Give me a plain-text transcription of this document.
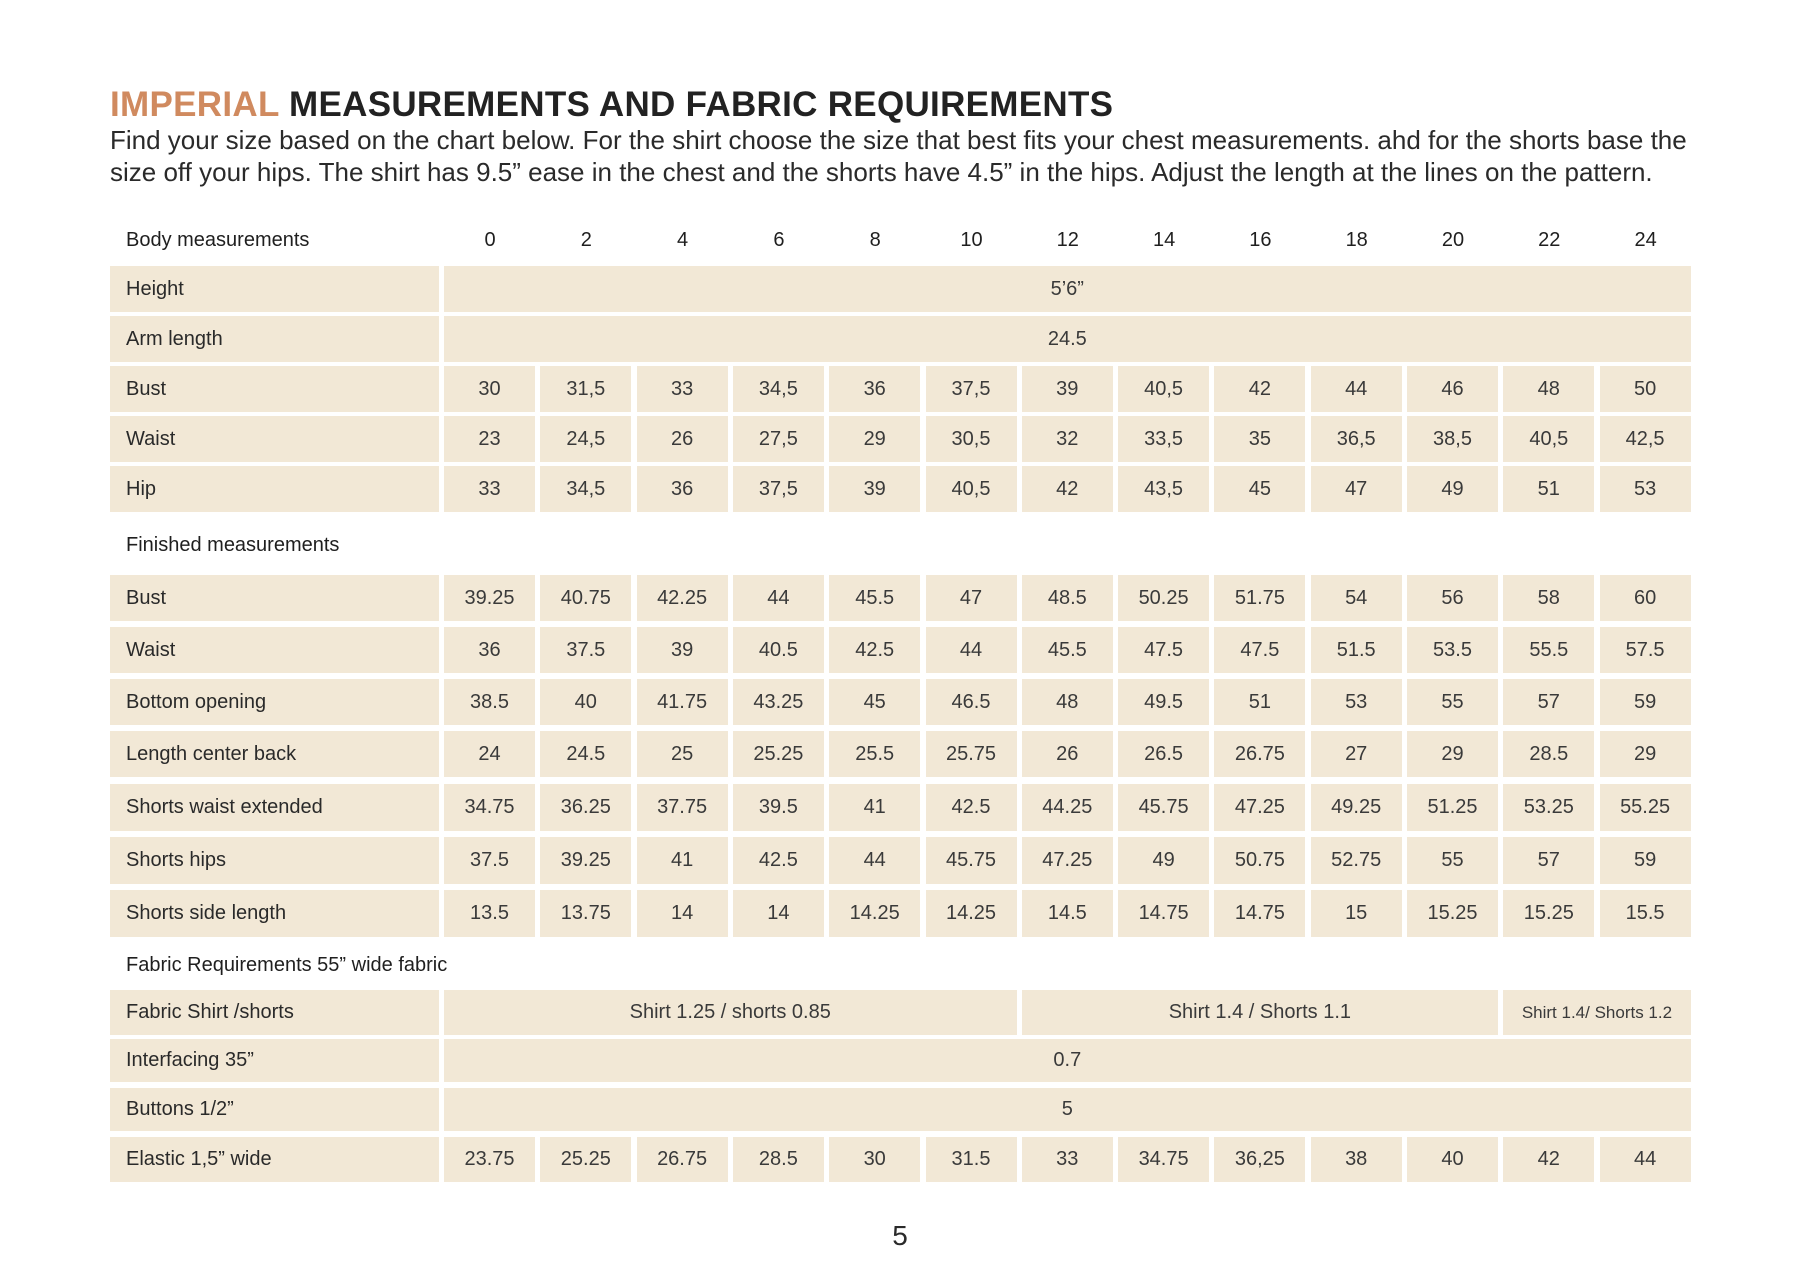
IMPERIAL MEASUREMENTS AND FABRIC REQUIREMENTS

Find your size based on the chart below. For the shirt choose the size that best fits your chest measurements. ahd for the shorts base the size off your hips. The shirt has 9.5” ease in the chest and the shorts have 4.5” in the hips. Adjust the length at the lines on the pattern.

Body measurements	0	2	4	6	8	10	12	14	16	18	20	22	24
Height	5’6”
Arm length	24.5
Bust	30	31,5	33	34,5	36	37,5	39	40,5	42	44	46	48	50
Waist	23	24,5	26	27,5	29	30,5	32	33,5	35	36,5	38,5	40,5	42,5
Hip	33	34,5	36	37,5	39	40,5	42	43,5	45	47	49	51	53
Finished measurements
Bust	39.25	40.75	42.25	44	45.5	47	48.5	50.25	51.75	54	56	58	60
Waist	36	37.5	39	40.5	42.5	44	45.5	47.5	47.5	51.5	53.5	55.5	57.5
Bottom opening	38.5	40	41.75	43.25	45	46.5	48	49.5	51	53	55	57	59
Length center back	24	24.5	25	25.25	25.5	25.75	26	26.5	26.75	27	29	28.5	29
Shorts waist extended	34.75	36.25	37.75	39.5	41	42.5	44.25	45.75	47.25	49.25	51.25	53.25	55.25
Shorts hips	37.5	39.25	41	42.5	44	45.75	47.25	49	50.75	52.75	55	57	59
Shorts side length	13.5	13.75	14	14	14.25	14.25	14.5	14.75	14.75	15	15.25	15.25	15.5
Fabric Requirements 55” wide fabric
Fabric Shirt /shorts	Shirt 1.25 / shorts 0.85	Shirt 1.4 / Shorts 1.1	Shirt 1.4/ Shorts 1.2
Interfacing 35”	0.7
Buttons 1/2”	5
Elastic 1,5” wide	23.75	25.25	26.75	28.5	30	31.5	33	34.75	36,25	38	40	42	44
5
